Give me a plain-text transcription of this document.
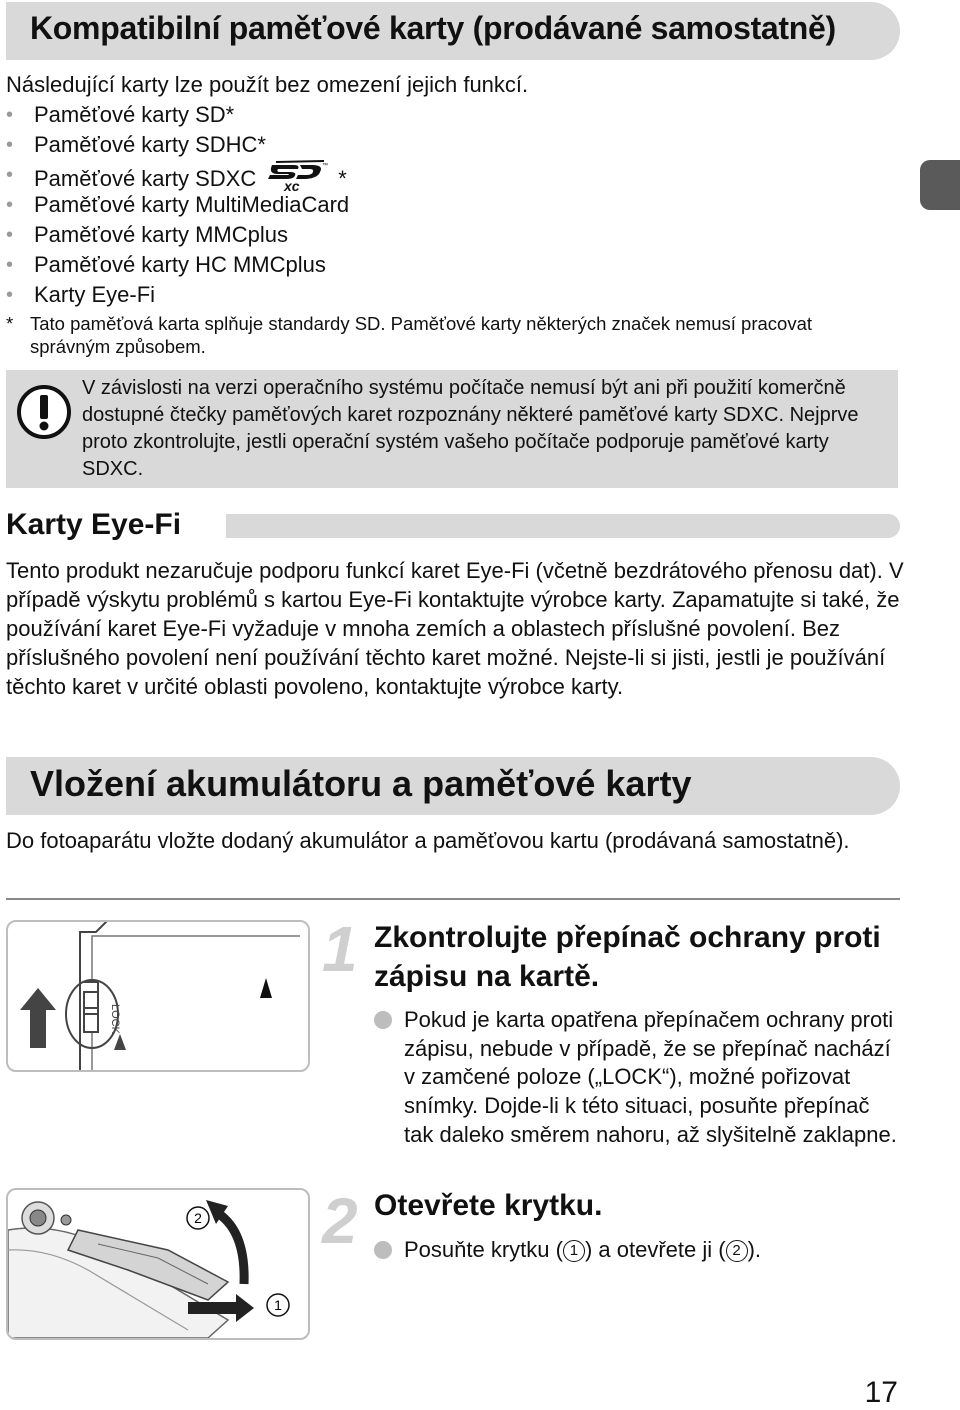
Kompatibilní paměťové karty (prodávané samostatně)

Následující karty lze použít bez omezení jejich funkcí.

• Paměťové karty SD*
• Paměťové karty SDHC*
• Paměťové karty SDXC	™
xc *
• Paměťové karty MultiMediaCard
• Paměťové karty MMCplus
• Paměťové karty HC MMCplus
• Karty Eye-Fi
* Tato paměťová karta splňuje standardy SD. Paměťové karty některých značek nemusí pracovat správným způsobem.
V závislosti na verzi operačního systému počítače nemusí být ani při použití komerčně dostupné čtečky paměťových karet rozpoznány některé paměťové karty SDXC. Nejprve proto zkontrolujte, jestli operační systém vašeho počítače podporuje paměťové karty SDXC.
Karty Eye-Fi

Tento produkt nezaručuje podporu funkcí karet Eye-Fi (včetně bezdrátového přenosu dat). V případě výskytu problémů s kartou Eye-Fi kontaktujte výrobce karty. Zapamatujte si také, že používání karet Eye-Fi vyžaduje v mnoha zemích a oblastech příslušné povolení. Bez příslušného povolení není používání těchto karet možné. Nejste-li si jisti, jestli je používání těchto karet v určité oblasti povoleno, kontaktujte výrobce karty.

Vložení akumulátoru a paměťové karty

Do fotoaparátu vložte dodaný akumulátor a paměťovou kartu (prodávaná samostatně).

LOCK
2
1
1 Zkontrolujte přepínač ochrany proti zápisu na kartě.
Pokud je karta opatřena přepínačem ochrany proti zápisu, nebude v případě, že se přepínač nachází v zamčené poloze („LOCK“), možné pořizovat snímky. Dojde-li k této situaci, posuňte přepínač tak daleko směrem nahoru, až slyšitelně zaklapne.
2 Otevřete krytku.
Posuňte krytku ( 1 ) a otevřete ji ( 2 ).
17
